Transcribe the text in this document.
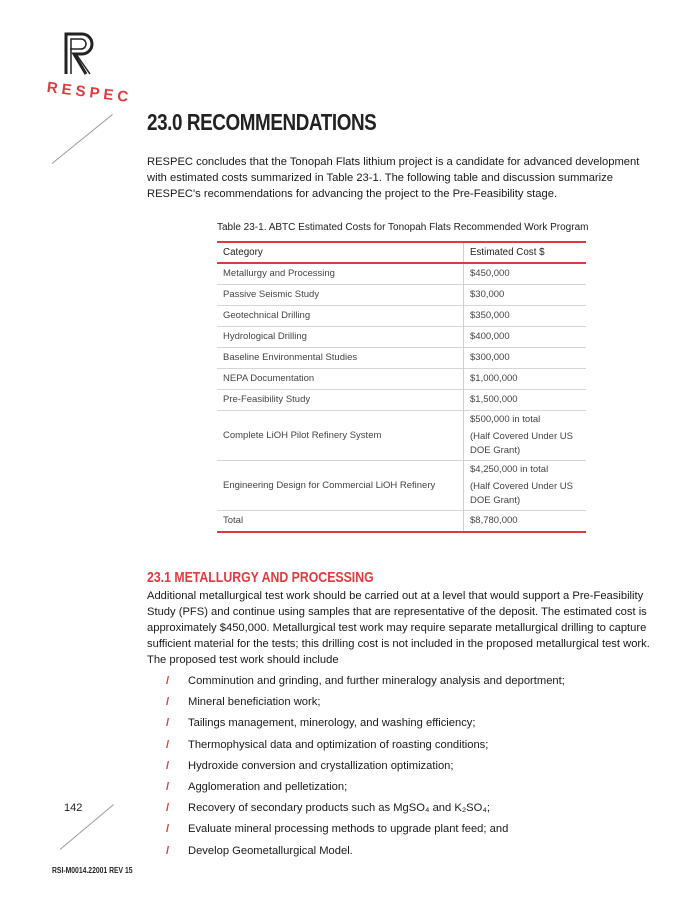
RESPEC
23.0 RECOMMENDATIONS
RESPEC concludes that the Tonopah Flats lithium project is a candidate for advanced development with estimated costs summarized in Table 23-1. The following table and discussion summarize RESPEC's recommendations for advancing the project to the Pre-Feasibility stage.
Table 23-1. ABTC Estimated Costs for Tonopah Flats Recommended Work Program
Category	Estimated Cost $
Metallurgy and Processing	$450,000
Passive Seismic Study	$30,000
Geotechnical Drilling	$350,000
Hydrological Drilling	$400,000
Baseline Environmental Studies	$300,000
NEPA Documentation	$1,000,000
Pre-Feasibility Study	$1,500,000
Complete LiOH Pilot Refinery System	$500,000 in total
(Half Covered Under US DOE Grant)

Engineering Design for Commercial LiOH Refinery	$4,250,000 in total
(Half Covered Under US DOE Grant)

Total	$8,780,000
23.1 METALLURGY AND PROCESSING
Additional metallurgical test work should be carried out at a level that would support a Pre-Feasibility Study (PFS) and continue using samples that are representative of the deposit. The estimated cost is approximately $450,000. Metallurgical test work may require separate metallurgical drilling to capture sufficient material for the tests; this drilling cost is not included in the proposed metallurgical test work. The proposed test work should include
/ Comminution and grinding, and further mineralogy analysis and deportment;
/ Mineral beneficiation work;
/ Tailings management, minerology, and washing efficiency;
/ Thermophysical data and optimization of roasting conditions;
/ Hydroxide conversion and crystallization optimization;
/ Agglomeration and pelletization;
/ Recovery of secondary products such as MgSO₄ and K₂SO₄;
/ Evaluate mineral processing methods to upgrade plant feed; and
/ Develop Geometallurgical Model.
142
RSI-M0014.22001 REV 15
